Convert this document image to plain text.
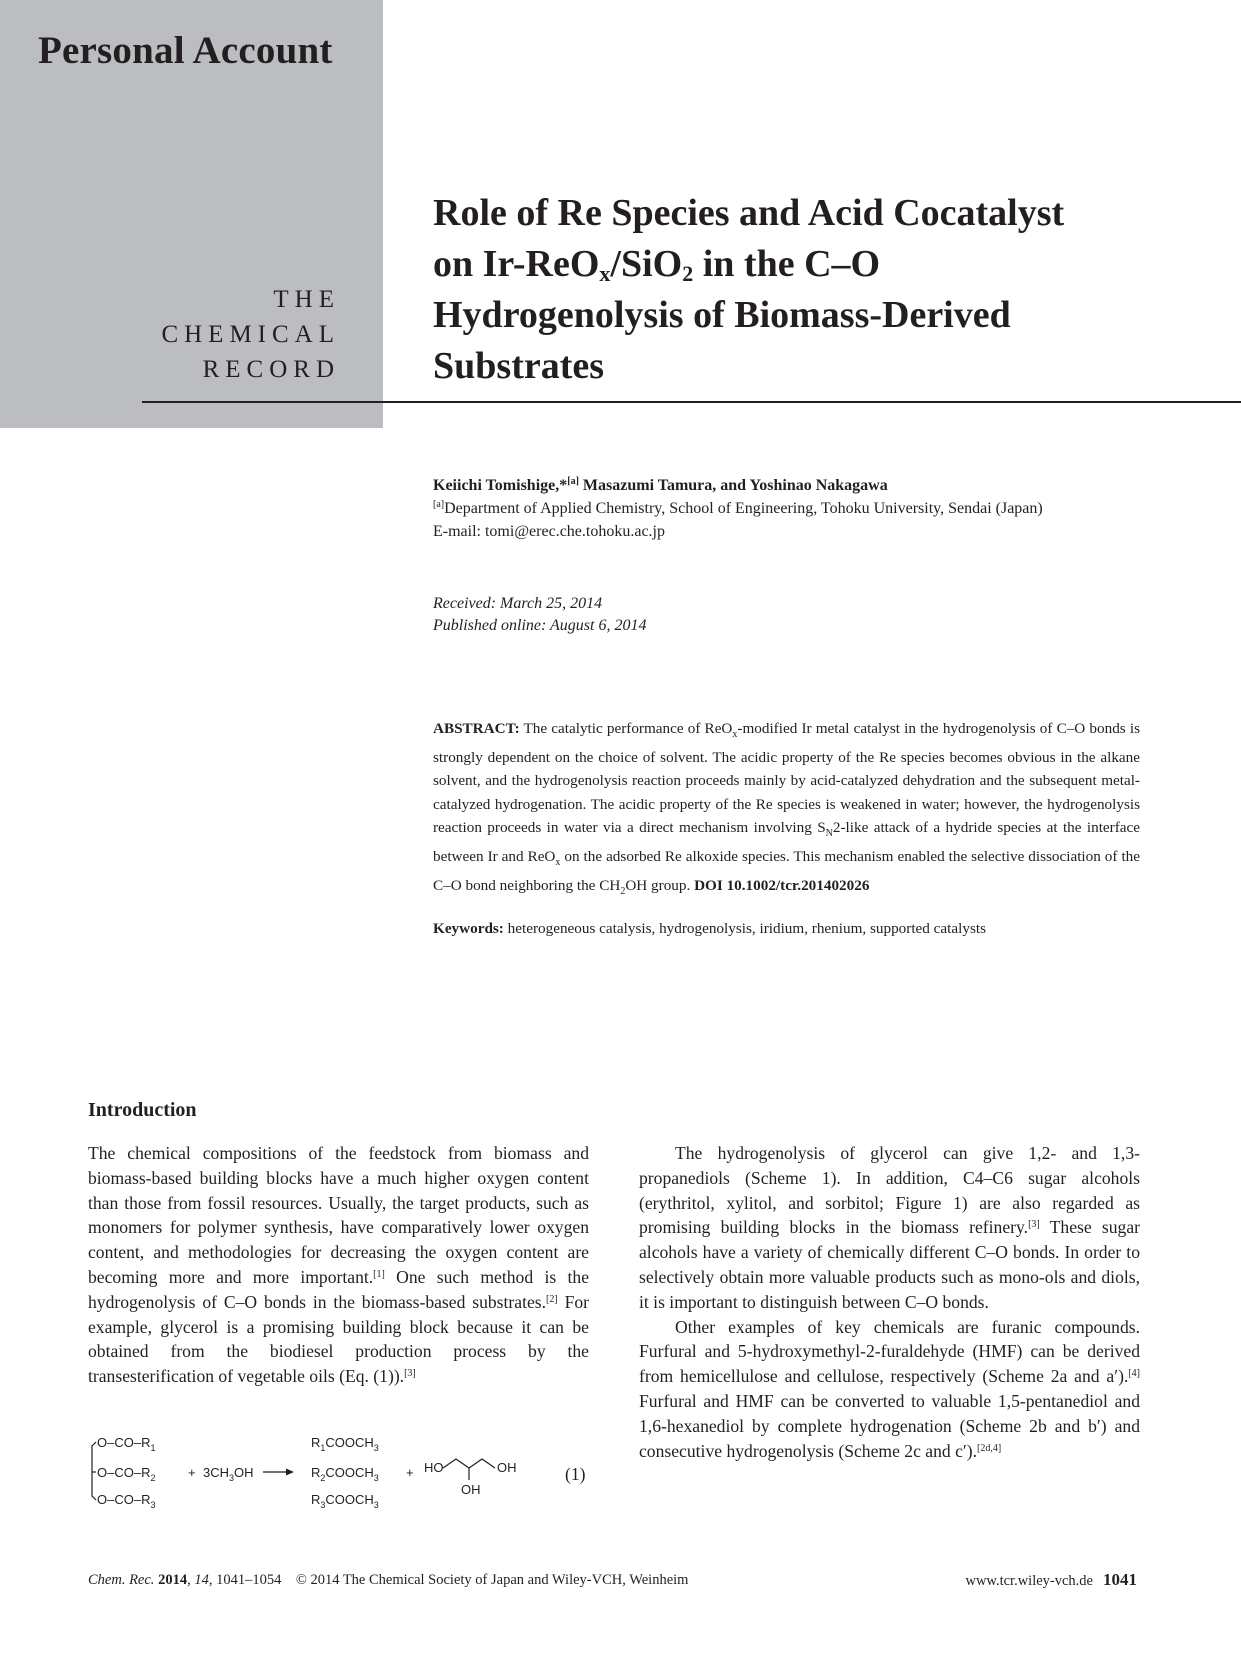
Personal Account
THE
CHEMICAL
RECORD
Role of Re Species and Acid Cocatalyst
on Ir-ReO$_x$/SiO$_2$ in the C–O
Hydrogenolysis of Biomass-Derived
Substrates
Keiichi Tomishige,*[a] Masazumi Tamura, and Yoshinao Nakagawa
[a]Department of Applied Chemistry, School of Engineering, Tohoku University, Sendai (Japan)
E-mail: tomi@erec.che.tohoku.ac.jp
Received: March 25, 2014
Published online: August 6, 2014
ABSTRACT: The catalytic performance of ReO$_x$-modified Ir metal catalyst in the hydrogenolysis of C–O bonds is strongly dependent on the choice of solvent. The acidic property of the Re species becomes obvious in the alkane solvent, and the hydrogenolysis reaction proceeds mainly by acid-catalyzed dehydration and the subsequent metal-catalyzed hydrogenation. The acidic property of the Re species is weakened in water; however, the hydrogenolysis reaction proceeds in water via a direct mechanism involving $S_N2$-like attack of a hydride species at the interface between Ir and ReO$_x$ on the adsorbed Re alkoxide species. This mechanism enabled the selective dissociation of the C–O bond neighboring the $CH_2OH$ group. DOI 10.1002/tcr.201402026
Keywords: heterogeneous catalysis, hydrogenolysis, iridium, rhenium, supported catalysts
Introduction

The chemical compositions of the feedstock from biomass and biomass-based building blocks have a much higher oxygen content than those from fossil resources. Usually, the target products, such as monomers for polymer synthesis, have comparatively lower oxygen content, and methodologies for decreasing the oxygen content are becoming more and more important.[1] One such method is the hydrogenolysis of C–O bonds in the biomass-based substrates.[2] For example, glycerol is a promising building block because it can be obtained from the biodiesel production process by the transesterification of vegetable oils (Eq. (1)).[3]

$O-CO-R_1$
$O-CO-R_2$
$O-CO-R_3$
+ $3CH_3OH$
$R_1COOCH_3$
$R_2COOCH_3$
$R_3COOCH_3$
+ HO	OH
OH
(1)

The hydrogenolysis of glycerol can give 1,2- and 1,3-propanediols (Scheme 1). In addition, C4–C6 sugar alcohols (erythritol, xylitol, and sorbitol; Figure 1) are also regarded as promising building blocks in the biomass refinery.[3] These sugar alcohols have a variety of chemically different C–O bonds. In order to selectively obtain more valuable products such as mono-ols and diols, it is important to distinguish between C–O bonds.

Other examples of key chemicals are furanic compounds. Furfural and 5-hydroxymethyl-2-furaldehyde (HMF) can be derived from hemicellulose and cellulose, respectively (Scheme 2a and a′).[4] Furfural and HMF can be converted to valuable 1,5-pentanediol and 1,6-hexanediol by complete hydrogenation (Scheme 2b and b′) and consecutive hydrogenolysis (Scheme 2c and c′).[2d,4]

Chem. Rec. 2014, 14, 1041–1054 © 2014 The Chemical Society of Japan and Wiley-VCH, Weinheim	www.tcr.wiley-vch.de 1041
